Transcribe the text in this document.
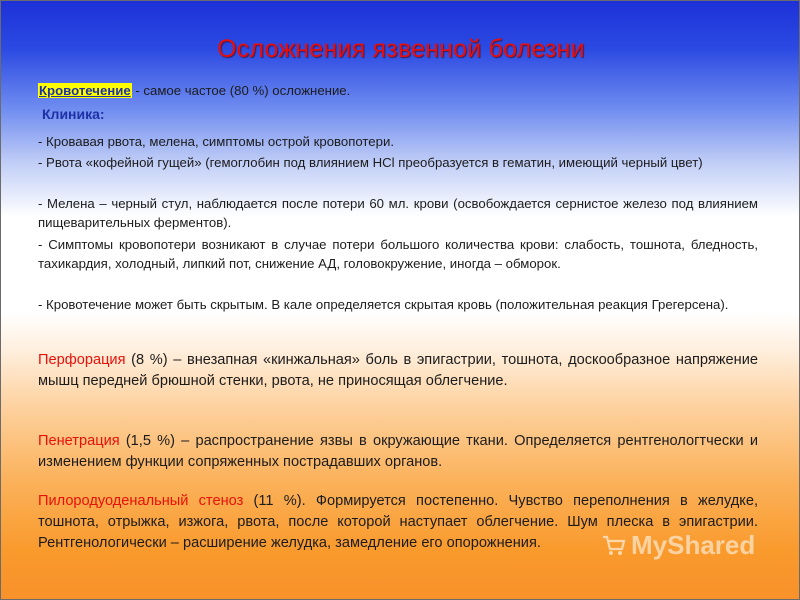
Осложнения язвенной болезни

Кровотечение - самое частое (80 %) осложнение.

Клиника:

- Кровавая рвота, мелена, симптомы острой кровопотери.

- Рвота «кофейной гущей» (гемоглобин под влиянием HCl преобразуется в гематин, имеющий черный цвет)

- Мелена – черный стул, наблюдается после потери 60 мл. крови (освобождается сернистое железо под влиянием пищеварительных ферментов).

- Симптомы кровопотери возникают в случае потери большого количества крови: слабость, тошнота, бледность, тахикардия, холодный, липкий пот, снижение АД, головокружение, иногда – обморок.

- Кровотечение может быть скрытым. В кале определяется скрытая кровь (положительная реакция Грегерсена).

Перфорация (8 %) – внезапная «кинжальная» боль в эпигастрии, тошнота, доскообразное напряжение мышц передней брюшной стенки, рвота, не приносящая облегчение.

Пенетрация (1,5 %) – распространение язвы в окружающие ткани. Определяется рентгенологтчески и изменением функции сопряженных пострадавших органов.

Пилородуоденальный стеноз (11 %). Формируется постепенно. Чувство переполнения в желудке, тошнота, отрыжка, изжога, рвота, после которой наступает облегчение. Шум плеска в эпигастрии. Рентгенологически – расширение желудка, замедление его опорожнения.	MyShared
